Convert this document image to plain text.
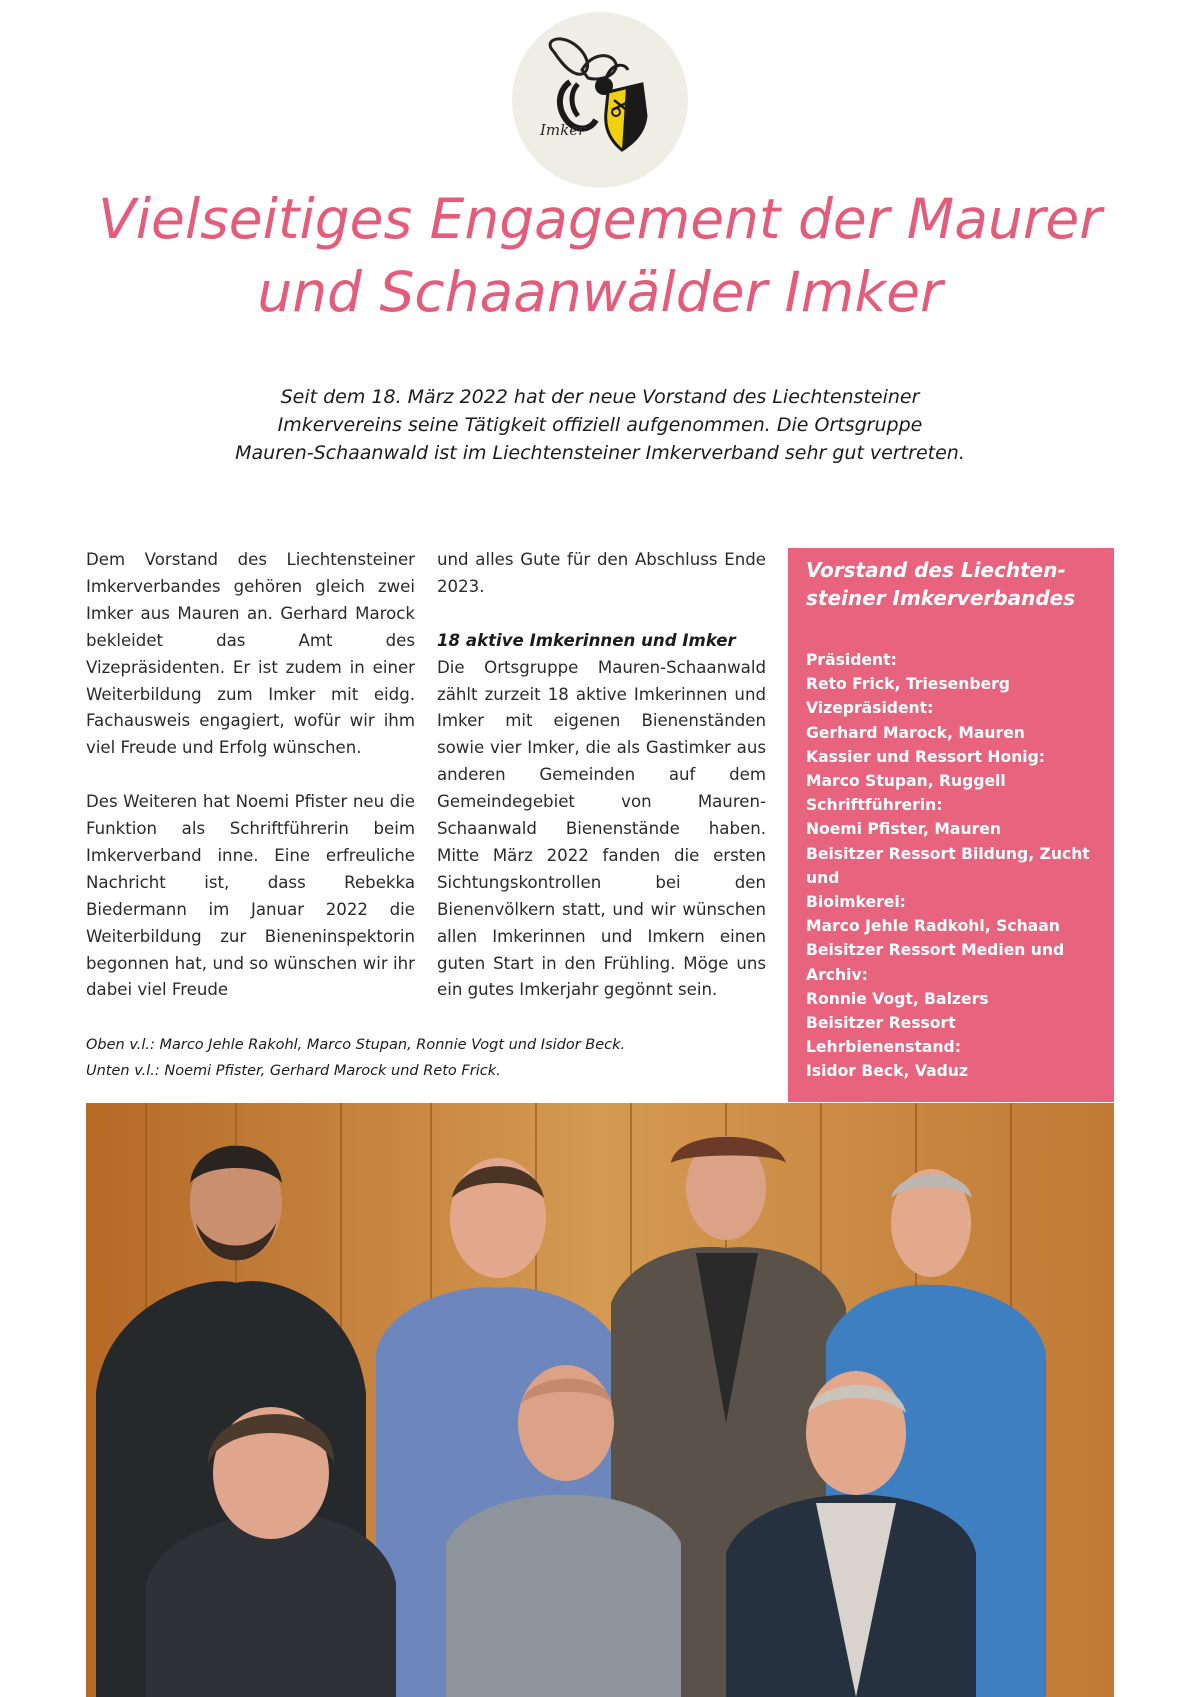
Imker
Vielseitiges Engagement der Maurer
und Schaanwälder Imker

Seit dem 18. März 2022 hat der neue Vorstand des Liechtensteiner
Imkervereins seine Tätigkeit offiziell aufgenommen. Die Ortsgruppe
Mauren-Schaanwald ist im Liechtensteiner Imkerverband sehr gut vertreten.

Dem Vorstand des Liechtensteiner Imkerverbandes gehören gleich zwei Imker aus Mauren an. Gerhard Marock bekleidet das Amt des Vizepräsidenten. Er ist zudem in einer Weiterbildung zum Imker mit eidg. Fachausweis engagiert, wofür wir ihm viel Freude und Erfolg wünschen.

Des Weiteren hat Noemi Pfister neu die Funktion als Schriftführerin beim Imkerverband inne. Eine erfreuliche Nachricht ist, dass Rebekka Biedermann im Januar 2022 die Weiterbildung zur Bieneninspektorin begonnen hat, und so wünschen wir ihr dabei viel Freude

und alles Gute für den Abschluss Ende 2023.

18 aktive Imkerinnen und Imker

Die Ortsgruppe Mauren-Schaanwald zählt zurzeit 18 aktive Imkerinnen und Imker mit eigenen Bienenständen sowie vier Imker, die als Gastimker aus anderen Gemeinden auf dem Gemeindegebiet von Mauren-Schaanwald Bienenstände haben. Mitte März 2022 fanden die ersten Sichtungskontrollen bei den Bienenvölkern statt, und wir wünschen allen Imkerinnen und Imkern einen guten Start in den Frühling. Möge uns ein gutes Imkerjahr gegönnt sein.

Vorstand des Liechten-
steiner Imkerverbandes
Präsident:
Reto Frick, Triesenberg
Vizepräsident:
Gerhard Marock, Mauren
Kassier und Ressort Honig:
Marco Stupan, Ruggell
Schriftführerin:
Noemi Pfister, Mauren
Beisitzer Ressort Bildung, Zucht und
Bioimkerei:
Marco Jehle Radkohl, Schaan
Beisitzer Ressort Medien und
Archiv:
Ronnie Vogt, Balzers
Beisitzer Ressort
Lehrbienenstand:
Isidor Beck, Vaduz
Oben v.l.: Marco Jehle Rakohl, Marco Stupan, Ronnie Vogt und Isidor Beck.
Unten v.l.: Noemi Pfister, Gerhard Marock und Reto Frick.
